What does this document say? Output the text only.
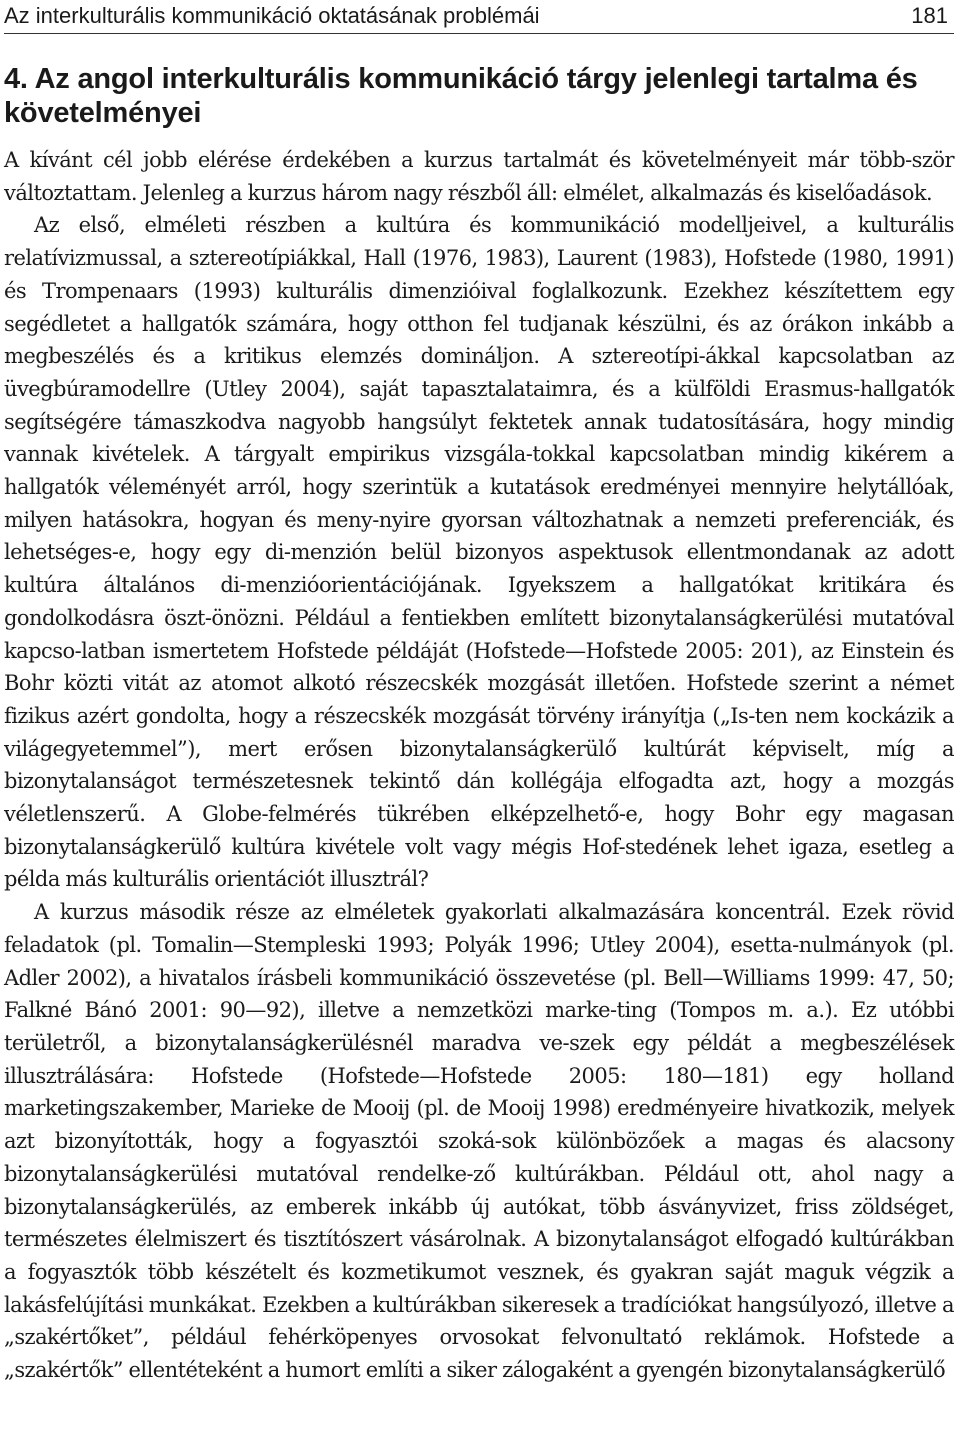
Az interkulturális kommunikáció oktatásának problémái	181
4. Az angol interkulturális kommunikáció tárgy jelenlegi tartalma és követelményei

A kívánt cél jobb elérése érdekében a kurzus tartalmát és követelményeit már több-ször változtattam. Jelenleg a kurzus három nagy részből áll: elmélet, alkalmazás és kiselőadások.

Az első, elméleti részben a kultúra és kommunikáció modelljeivel, a kulturális relatívizmussal, a sztereotípiákkal, Hall (1976, 1983), Laurent (1983), Hofstede (1980, 1991) és Trompenaars (1993) kulturális dimenzióival foglalkozunk. Ezekhez készítettem egy segédletet a hallgatók számára, hogy otthon fel tudjanak készülni, és az órákon inkább a megbeszélés és a kritikus elemzés domináljon. A sztereotípi-ákkal kapcsolatban az üvegbúramodellre (Utley 2004), saját tapasztalataimra, és a külföldi Erasmus-hallgatók segítségére támaszkodva nagyobb hangsúlyt fektetek annak tudatosítására, hogy mindig vannak kivételek. A tárgyalt empirikus vizsgála-tokkal kapcsolatban mindig kikérem a hallgatók véleményét arról, hogy szerintük a kutatások eredményei mennyire helytállóak, milyen hatásokra, hogyan és meny-nyire gyorsan változhatnak a nemzeti preferenciák, és lehetséges-e, hogy egy di-menzión belül bizonyos aspektusok ellentmondanak az adott kultúra általános di-menzióorientációjának. Igyekszem a hallgatókat kritikára és gondolkodásra öszt-önözni. Például a fentiekben említett bizonytalanságkerülési mutatóval kapcso-latban ismertetem Hofstede példáját (Hofstede—Hofstede 2005: 201), az Einstein és Bohr közti vitát az atomot alkotó részecskék mozgását illetően. Hofstede szerint a német fizikus azért gondolta, hogy a részecskék mozgását törvény irányítja („Is-ten nem kockázik a világegyetemmel”), mert erősen bizonytalanságkerülő kultúrát képviselt, míg a bizonytalanságot természetesnek tekintő dán kollégája elfogadta azt, hogy a mozgás véletlenszerű. A Globe-felmérés tükrében elképzelhető-e, hogy Bohr egy magasan bizonytalanságkerülő kultúra kivétele volt vagy mégis Hof-stedének lehet igaza, esetleg a példa más kulturális orientációt illusztrál?

A kurzus második része az elméletek gyakorlati alkalmazására koncentrál. Ezek rövid feladatok (pl. Tomalin—Stempleski 1993; Polyák 1996; Utley 2004), esetta-nulmányok (pl. Adler 2002), a hivatalos írásbeli kommunikáció összevetése (pl. Bell—Williams 1999: 47, 50; Falkné Bánó 2001: 90—92), illetve a nemzetközi marke-ting (Tompos m. a.). Ez utóbbi területről, a bizonytalanságkerülésnél maradva ve-szek egy példát a megbeszélések illusztrálására: Hofstede (Hofstede—Hofstede 2005: 180—181) egy holland marketingszakember, Marieke de Mooij (pl. de Mooij 1998) eredményeire hivatkozik, melyek azt bizonyították, hogy a fogyasztói szoká-sok különbözőek a magas és alacsony bizonytalanságkerülési mutatóval rendelke-ző kultúrákban. Például ott, ahol nagy a bizonytalanságkerülés, az emberek inkább új autókat, több ásványvizet, friss zöldséget, természetes élelmiszert és tisztítószert vásárolnak. A bizonytalanságot elfogadó kultúrákban a fogyasztók több készételt és kozmetikumot vesznek, és gyakran saját maguk végzik a lakásfelújítási munkákat. Ezekben a kultúrákban sikeresek a tradíciókat hangsúlyozó, illetve a „szakértőket”, például fehérköpenyes orvosokat felvonultató reklámok. Hofstede a „szakértők” ellentéteként a humort említi a siker zálogaként a gyengén bizonytalanságkerülő
